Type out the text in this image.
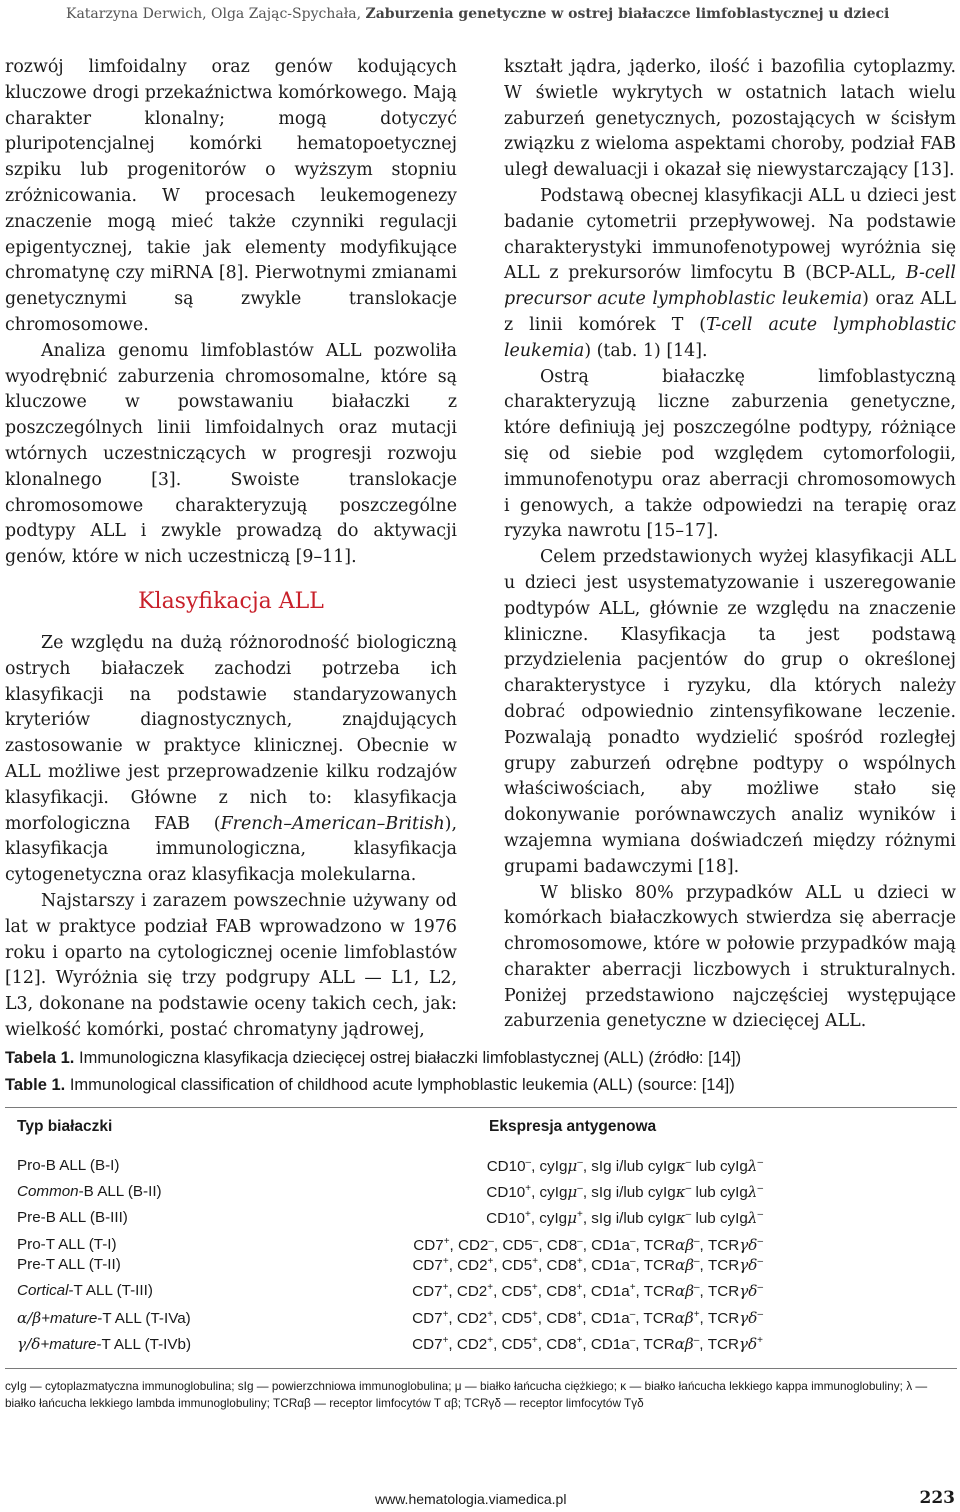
Katarzyna Derwich, Olga Zając-Spychała, Zaburzenia genetyczne w ostrej białaczce limfoblastycznej u dzieci

rozwój limfoidalny oraz genów kodujących kluczowe drogi przekaźnictwa komórkowego. Mają charakter klonalny; mogą dotyczyć pluripotencjalnej komórki hematopoetycznej szpiku lub progenitorów o wyższym stopniu zróżnicowania. W procesach leukemogenezy znaczenie mogą mieć także czynniki regulacji epigentycznej, takie jak elementy modyfikujące chromatynę czy miRNA [8]. Pierwotnymi zmianami genetycznymi są zwykle translokacje chromosomowe.

Analiza genomu limfoblastów ALL pozwoliła wyodrębnić zaburzenia chromosomalne, które są kluczowe w powstawaniu białaczki z poszczególnych linii limfoidalnych oraz mutacji wtórnych uczestniczących w progresji rozwoju klonalnego [3]. Swoiste translokacje chromosomowe charakteryzują poszczególne podtypy ALL i zwykle prowadzą do aktywacji genów, które w nich uczestniczą [9–11].

Klasyfikacja ALL

Ze względu na dużą różnorodność biologiczną ostrych białaczek zachodzi potrzeba ich klasyfikacji na podstawie standaryzowanych kryteriów diagnostycznych, znajdujących zastosowanie w praktyce klinicznej. Obecnie w ALL możliwe jest przeprowadzenie kilku rodzajów klasyfikacji. Główne z nich to: klasyfikacja morfologiczna FAB (French–American–British), klasyfikacja immunologiczna, klasyfikacja cytogenetyczna oraz klasyfikacja molekularna.

Najstarszy i zarazem powszechnie używany od lat w praktyce podział FAB wprowadzono w 1976 roku i oparto na cytologicznej ocenie limfoblastów [12]. Wyróżnia się trzy podgrupy ALL — L1, L2, L3, dokonane na podstawie oceny takich cech, jak: wielkość komórki, postać chromatyny jądrowej,

kształt jądra, jąderko, ilość i bazofilia cytoplazmy. W świetle wykrytych w ostatnich latach wielu zaburzeń genetycznych, pozostających w ścisłym związku z wieloma aspektami choroby, podział FAB uległ dewaluacji i okazał się niewystarczający [13].

Podstawą obecnej klasyfikacji ALL u dzieci jest badanie cytometrii przepływowej. Na podstawie charakterystyki immunofenotypowej wyróżnia się ALL z prekursorów limfocytu B (BCP-ALL, B-cell precursor acute lymphoblastic leukemia) oraz ALL z linii komórek T (T-cell acute lymphoblastic leukemia) (tab. 1) [14].

Ostrą białaczkę limfoblastyczną charakteryzują liczne zaburzenia genetyczne, które definiują jej poszczególne podtypy, różniące się od siebie pod względem cytomorfologii, immunofenotypu oraz aberracji chromosomowych i genowych, a także odpowiedzi na terapię oraz ryzyka nawrotu [15–17].

Celem przedstawionych wyżej klasyfikacji ALL u dzieci jest usystematyzowanie i uszeregowanie podtypów ALL, głównie ze względu na znaczenie kliniczne. Klasyfikacja ta jest podstawą przydzielenia pacjentów do grup o określonej charakterystyce i ryzyku, dla których należy dobrać odpowiednio zintensyfikowane leczenie. Pozwalają ponadto wydzielić spośród rozległej grupy zaburzeń odrębne podtypy o wspólnych właściwościach, aby możliwe stało się dokonywanie porównawczych analiz wyników i wzajemna wymiana doświadczeń między różnymi grupami badawczymi [18].

W blisko 80% przypadków ALL u dzieci w komórkach białaczkowych stwierdza się aberracje chromosomowe, które w połowie przypadków mają charakter aberracji liczbowych i strukturalnych. Poniżej przedstawiono najczęściej występujące zaburzenia genetyczne w dziecięcej ALL.

Tabela 1. Immunologiczna klasyfikacja dziecięcej ostrej białaczki limfoblastycznej (ALL) (źródło: [14])
Table 1. Immunological classification of childhood acute lymphoblastic leukemia (ALL) (source: [14])
Typ białaczki	Ekspresja antygenowa
Pro-B ALL (B-I)	CD10–, cyIgμ–, sIg i/lub cyIgκ– lub cyIgλ–
Common-B ALL (B-II)	CD10+, cyIgμ–, sIg i/lub cyIgκ– lub cyIgλ–
Pre-B ALL (B-III)	CD10+, cyIgμ+, sIg i/lub cyIgκ– lub cyIgλ–
Pro-T ALL (T-I)	CD7+, CD2–, CD5–, CD8–, CD1a–, TCRαβ–, TCRγδ–
Pre-T ALL (T-II)	CD7+, CD2+, CD5+, CD8+, CD1a–, TCRαβ–, TCRγδ–
Cortical-T ALL (T-III)	CD7+, CD2+, CD5+, CD8+, CD1a+, TCRαβ–, TCRγδ–
α/β+mature-T ALL (T-IVa)	CD7+, CD2+, CD5+, CD8+, CD1a–, TCRαβ+, TCRγδ–
γ/δ+mature-T ALL (T-IVb)	CD7+, CD2+, CD5+, CD8+, CD1a–, TCRαβ–, TCRγδ+
cyIg — cytoplazmatyczna immunoglobulina; sIg — powierzchniowa immunoglobulina; μ — białko łańcucha ciężkiego; κ — białko łańcucha lekkiego kappa immunoglobuliny; λ — białko łańcucha lekkiego lambda immunoglobuliny; TCRαβ — receptor limfocytów T αβ; TCRγδ — receptor limfocytów Tγδ
www.hematologia.viamedica.pl	223
